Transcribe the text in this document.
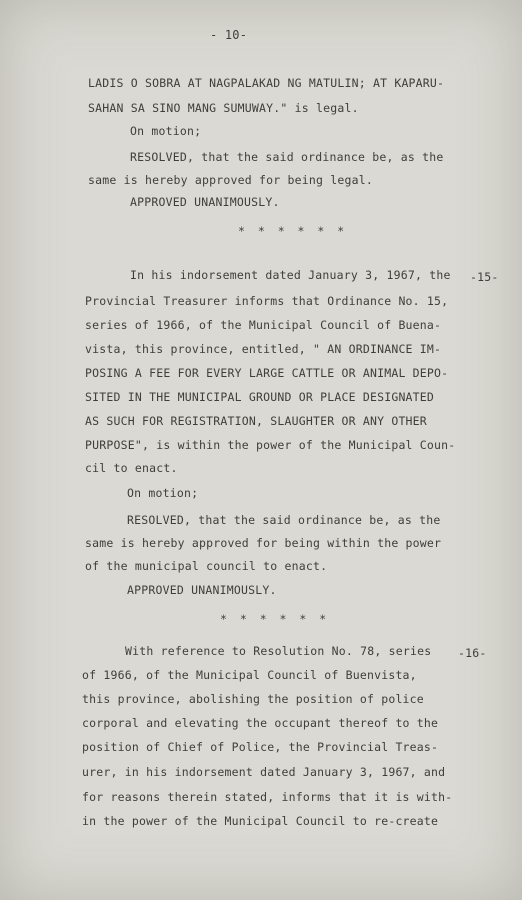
- 10-
LADIS O SOBRA AT NAGPALAKAD NG MATULIN; AT KAPARU-
SAHAN SA SINO MANG SUMUWAY." is legal.
On motion;
RESOLVED, that the said ordinance be, as the
same is hereby approved for being legal.
APPROVED UNANIMOUSLY.
* * * * * *
In his indorsement dated January 3, 1967, the -15-
Provincial Treasurer informs that Ordinance No. 15,
series of 1966, of the Municipal Council of Buena-
vista, this province, entitled, " AN ORDINANCE IM-
POSING A FEE FOR EVERY LARGE CATTLE OR ANIMAL DEPO-
SITED IN THE MUNICIPAL GROUND OR PLACE DESIGNATED
AS SUCH FOR REGISTRATION, SLAUGHTER OR ANY OTHER
PURPOSE", is within the power of the Municipal Coun-
cil to enact.
On motion;
RESOLVED, that the said ordinance be, as the
same is hereby approved for being within the power
of the municipal council to enact.
APPROVED UNANIMOUSLY.
* * * * * *
With reference to Resolution No. 78, series -16-
of 1966, of the Municipal Council of Buenvista,
this province, abolishing the position of police
corporal and elevating the occupant thereof to the
position of Chief of Police, the Provincial Treas-
urer, in his indorsement dated January 3, 1967, and
for reasons therein stated, informs that it is with-
in the power of the Municipal Council to re-create
